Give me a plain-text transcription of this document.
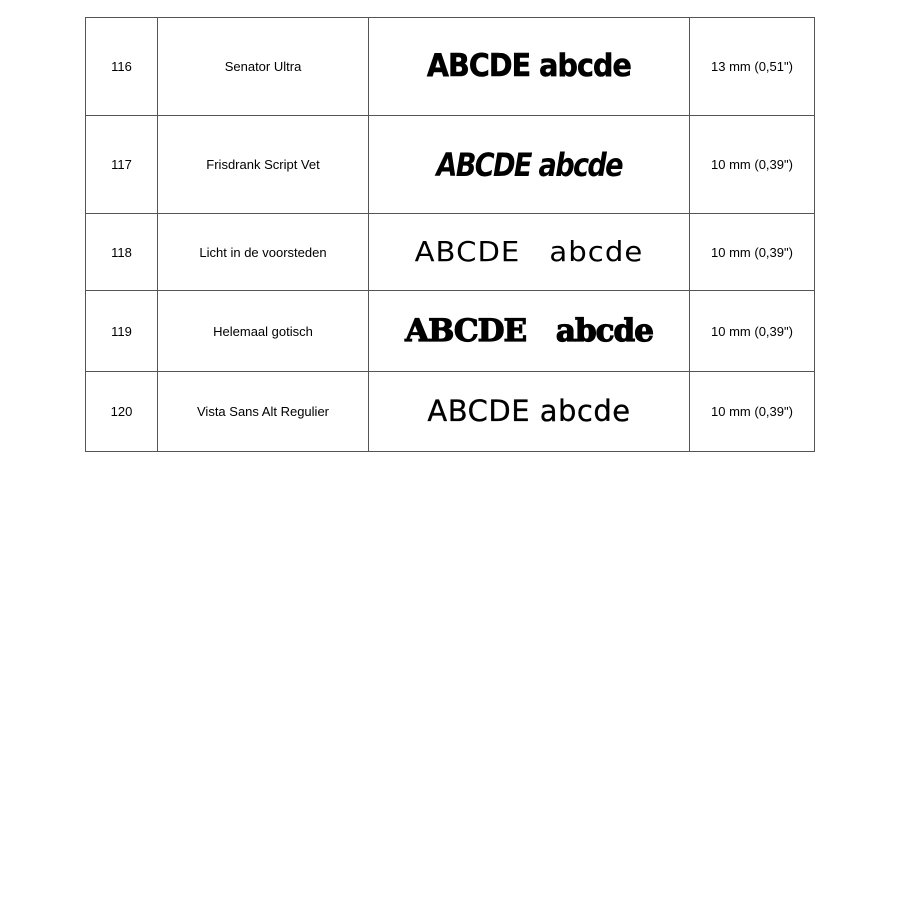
116	Senator Ultra	ABCDE abcde	13 mm (0,51")
117	Frisdrank Script Vet	ABCDE abcde	10 mm (0,39")
118	Licht in de voorsteden	ABCDE abcde	10 mm (0,39")
119	Helemaal gotisch	ABCDE abcde	10 mm (0,39")
120	Vista Sans Alt Regulier	ABCDE abcde	10 mm (0,39")
